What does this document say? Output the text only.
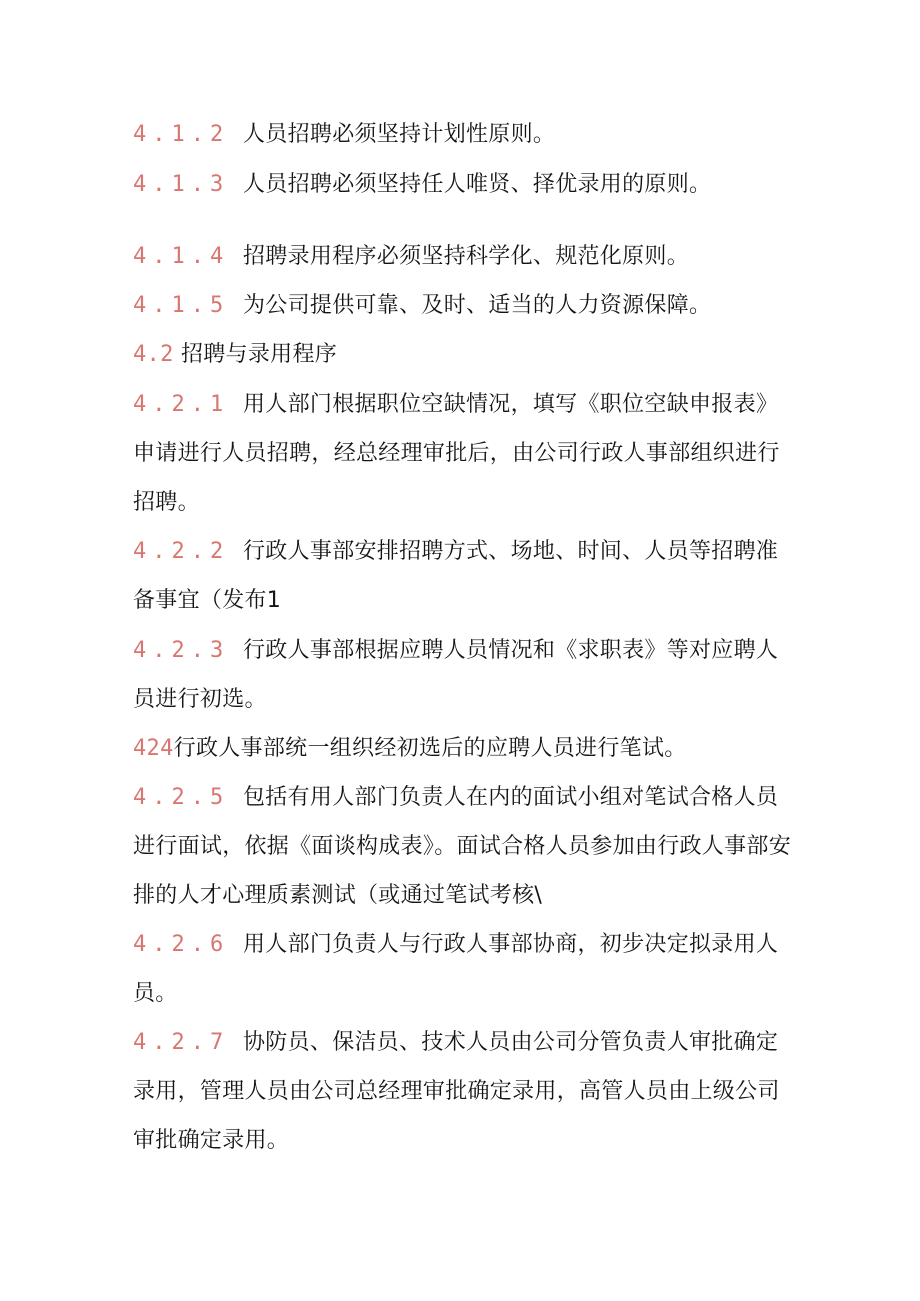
4.1.2 人员招聘必须坚持计划性原则。

4.1.3 人员招聘必须坚持任人唯贤、择优录用的原则。

4.1.4 招聘录用程序必须坚持科学化、规范化原则。

4.1.5 为公司提供可靠、及时、适当的人力资源保障。

4.2 招聘与录用程序

4.2.1 用人部门根据职位空缺情况，填写《职位空缺申报表》申请进行人员招聘，经总经理审批后，由公司行政人事部组织进行招聘。

4.2.2 行政人事部安排招聘方式、场地、时间、人员等招聘准备事宜（发布1

4.2.3 行政人事部根据应聘人员情况和《求职表》等对应聘人员进行初选。

424行政人事部统一组织经初选后的应聘人员进行笔试。

4.2.5 包括有用人部门负责人在内的面试小组对笔试合格人员进行面试，依据《面谈构成表》。面试合格人员参加由行政人事部安排的人才心理质素测试（或通过笔试考核\

4.2.6 用人部门负责人与行政人事部协商，初步决定拟录用人员。

4.2.7 协防员、保洁员、技术人员由公司分管负责人审批确定录用，管理人员由公司总经理审批确定录用，高管人员由上级公司审批确定录用。
